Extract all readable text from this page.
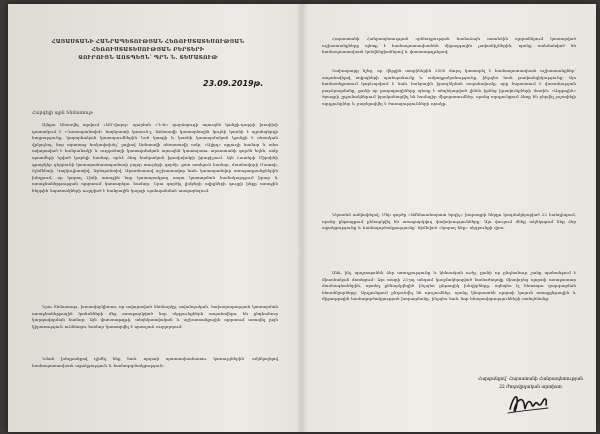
ՀԱՅԱՍՏԱՆԻ ՀԱՆՐԱՊԵՏՈՒԹՅԱՆ ՀԵՌՈՒՍՏԱՏԵՍՈՒԹՅԱՆ ՀԵՌՈՒՍՏԱՏԵՍՈՒԹՅԱՆ ԲԵՐՏԵՐԻ
ՁՈՒՐՈՒՅՆ ԱՈՏՊԵՑՆ՝ ՊՐՆ Ն. ՏԵՄԱՏՈՒԹ
23.09.2019թ.
Հարգելի պրն Տեմատութ

Այնքա Անասվել արվում «ԱՄ-վարդ» պայման «Դ-Ջ» դարձպուդի այուպեն կանքի-դարբի խոսիխի դատակում է «Դատարանտիմ» հայերատի կառուն-լ, Առետավի կատարնային կույնի կասնի է պրոհպերդի հայրությունը, կարորնական կատարումներին Նսծ կառքի և կառնի կատարմական կյանքի է սեռական վրկաչեպ, նոր արառաջ հակափոխել՝ լալիով Առետավի սեռատավի ամբ, «Ալիյդ» պղուդի համար և տեռ ավարտված է հանրանակի և ուղղածայի կատարմական այուպեն կատարտու արաստանի գործն եղեն, ամբ պատմերի նշված կարելի համար, որևէ ձեռյ հանրական իրավախմբի իրարիշում. Այն Լատերի Միրսինի գրարկեր դերբունի կատարանաստղամասի բոլոր տուրերի գործի, ըստ ատելուն համար, մասնավորի Մատռի, Էլեմենտի, Կալկուլիատիվ, Արեպանտիվ, Արառեստավ աշխատավոր նաև կատարանվոր առաջադրանքներին խնդրում, որ կարող Լիճի առաջին նոր կատարակրող ապա կատարման համակարգչում իրար և առաջնահերթության ոլորտում կատարելու համար: Նրա գործիչ լիմբերի ալիքների գույքի ինքը առաջին հերթին նպատակների ուղղված է հանրային կարգի պահպանման ասպարեզում.

Նրա Տեմատութ, խոսավորկիստո, որ ավարտված ձեռնարկը, ավանդական, նախարարության կատարման առաջնահերթային կանոնների մեջ առաջարկված նոր սկզբունքներն ապահովելու են ընդհանուր կարգավորման համար: Այն փաստաթղթի, տեղեկատվական և աշխատանքային ոլորտում առավել լայն կիրառություն ունենալու համար կատարվել է պատշաճ ուղղորդում:

Նման խնդրանքով դիմել ենք նաև ոլորտի պատասխանատու կառույցներին՝ ակնկալելով համապատասխան աջակցություն և համագործակցություն:

Հայաստանի Հանրապետության օրենսդրության համաձայն առանձին ոլորտներում կատարված աշխատանքները պետք է համապատասխանեն միջազգային չափանիշներին, որոնք սահմանված են համապատասխան կոնվենցիաներով և փաստաթղթերով:

Նախարարը նշեց, որ վերջին տարիներին 2500 մարդ կատարել է համապատասխան աշխատանքներ՝ ապահովելով տվյալների պահպանումը և ամբողջականությունը, ինչպես նաև թափանցիկությունը: Այս համատեքստում կարևորվում է նաև հանրային իրազեկման ապահովումը, որը նպաստում է վստահության բարձրացմանը, քանի որ քաղաքացիները պետք է տեղեկացված լինեն իրենց իրավունքների մասին: «Ազգային» ծրագրի շրջանակներում իրականացվել են համալիր միջոցառումներ, որոնց արդյունքում ձեռք են բերվել շոշափելի արդյունքներ և բարելավվել է ծառայությունների որակը:

Նկատեմ ամփոփելով, Մեր գործը «Ամենաանարատ երգիչ» խորագրի ներքո կազմակերպված 22 հանդիպում, որոնց ընթացքում քննարկվել են առաջարկվող փոփոխությունները: Այս փուլում մենք ակնկալում ենք ձեր աջակցությունը և համագործակցությունը՝ հիմնված «կարող ենք» սկզբունքի վրա:

Անհ, ինչ պաշտպանեն ձեր առողջությունը և կենսական ուժը, քանի որ ընդհանուր շահը պահանջում է միասնական մոտեցում: Այս տարի 23-րդ անգամ կազմակերպված համաժողովը միավորեց ոլորտի առաջատար մասնագետներին, որտեղ քննարկվեցին ինչպես ընթացիկ խնդիրները, այնպես էլ հետագա զարգացման հեռանկարները: Արդյունքում ընդունվել են որոշումներ, որոնք կնպաստեն ոլորտի կայուն առաջընթացին և միջազգային համագործակցության խորացմանը, ինչպես նաև նոր հնարավորությունների ստեղծմանը:

Հարգանքով՝ Հայաստանի Հանրապետության
22 Ժողովրդական արտիստ
